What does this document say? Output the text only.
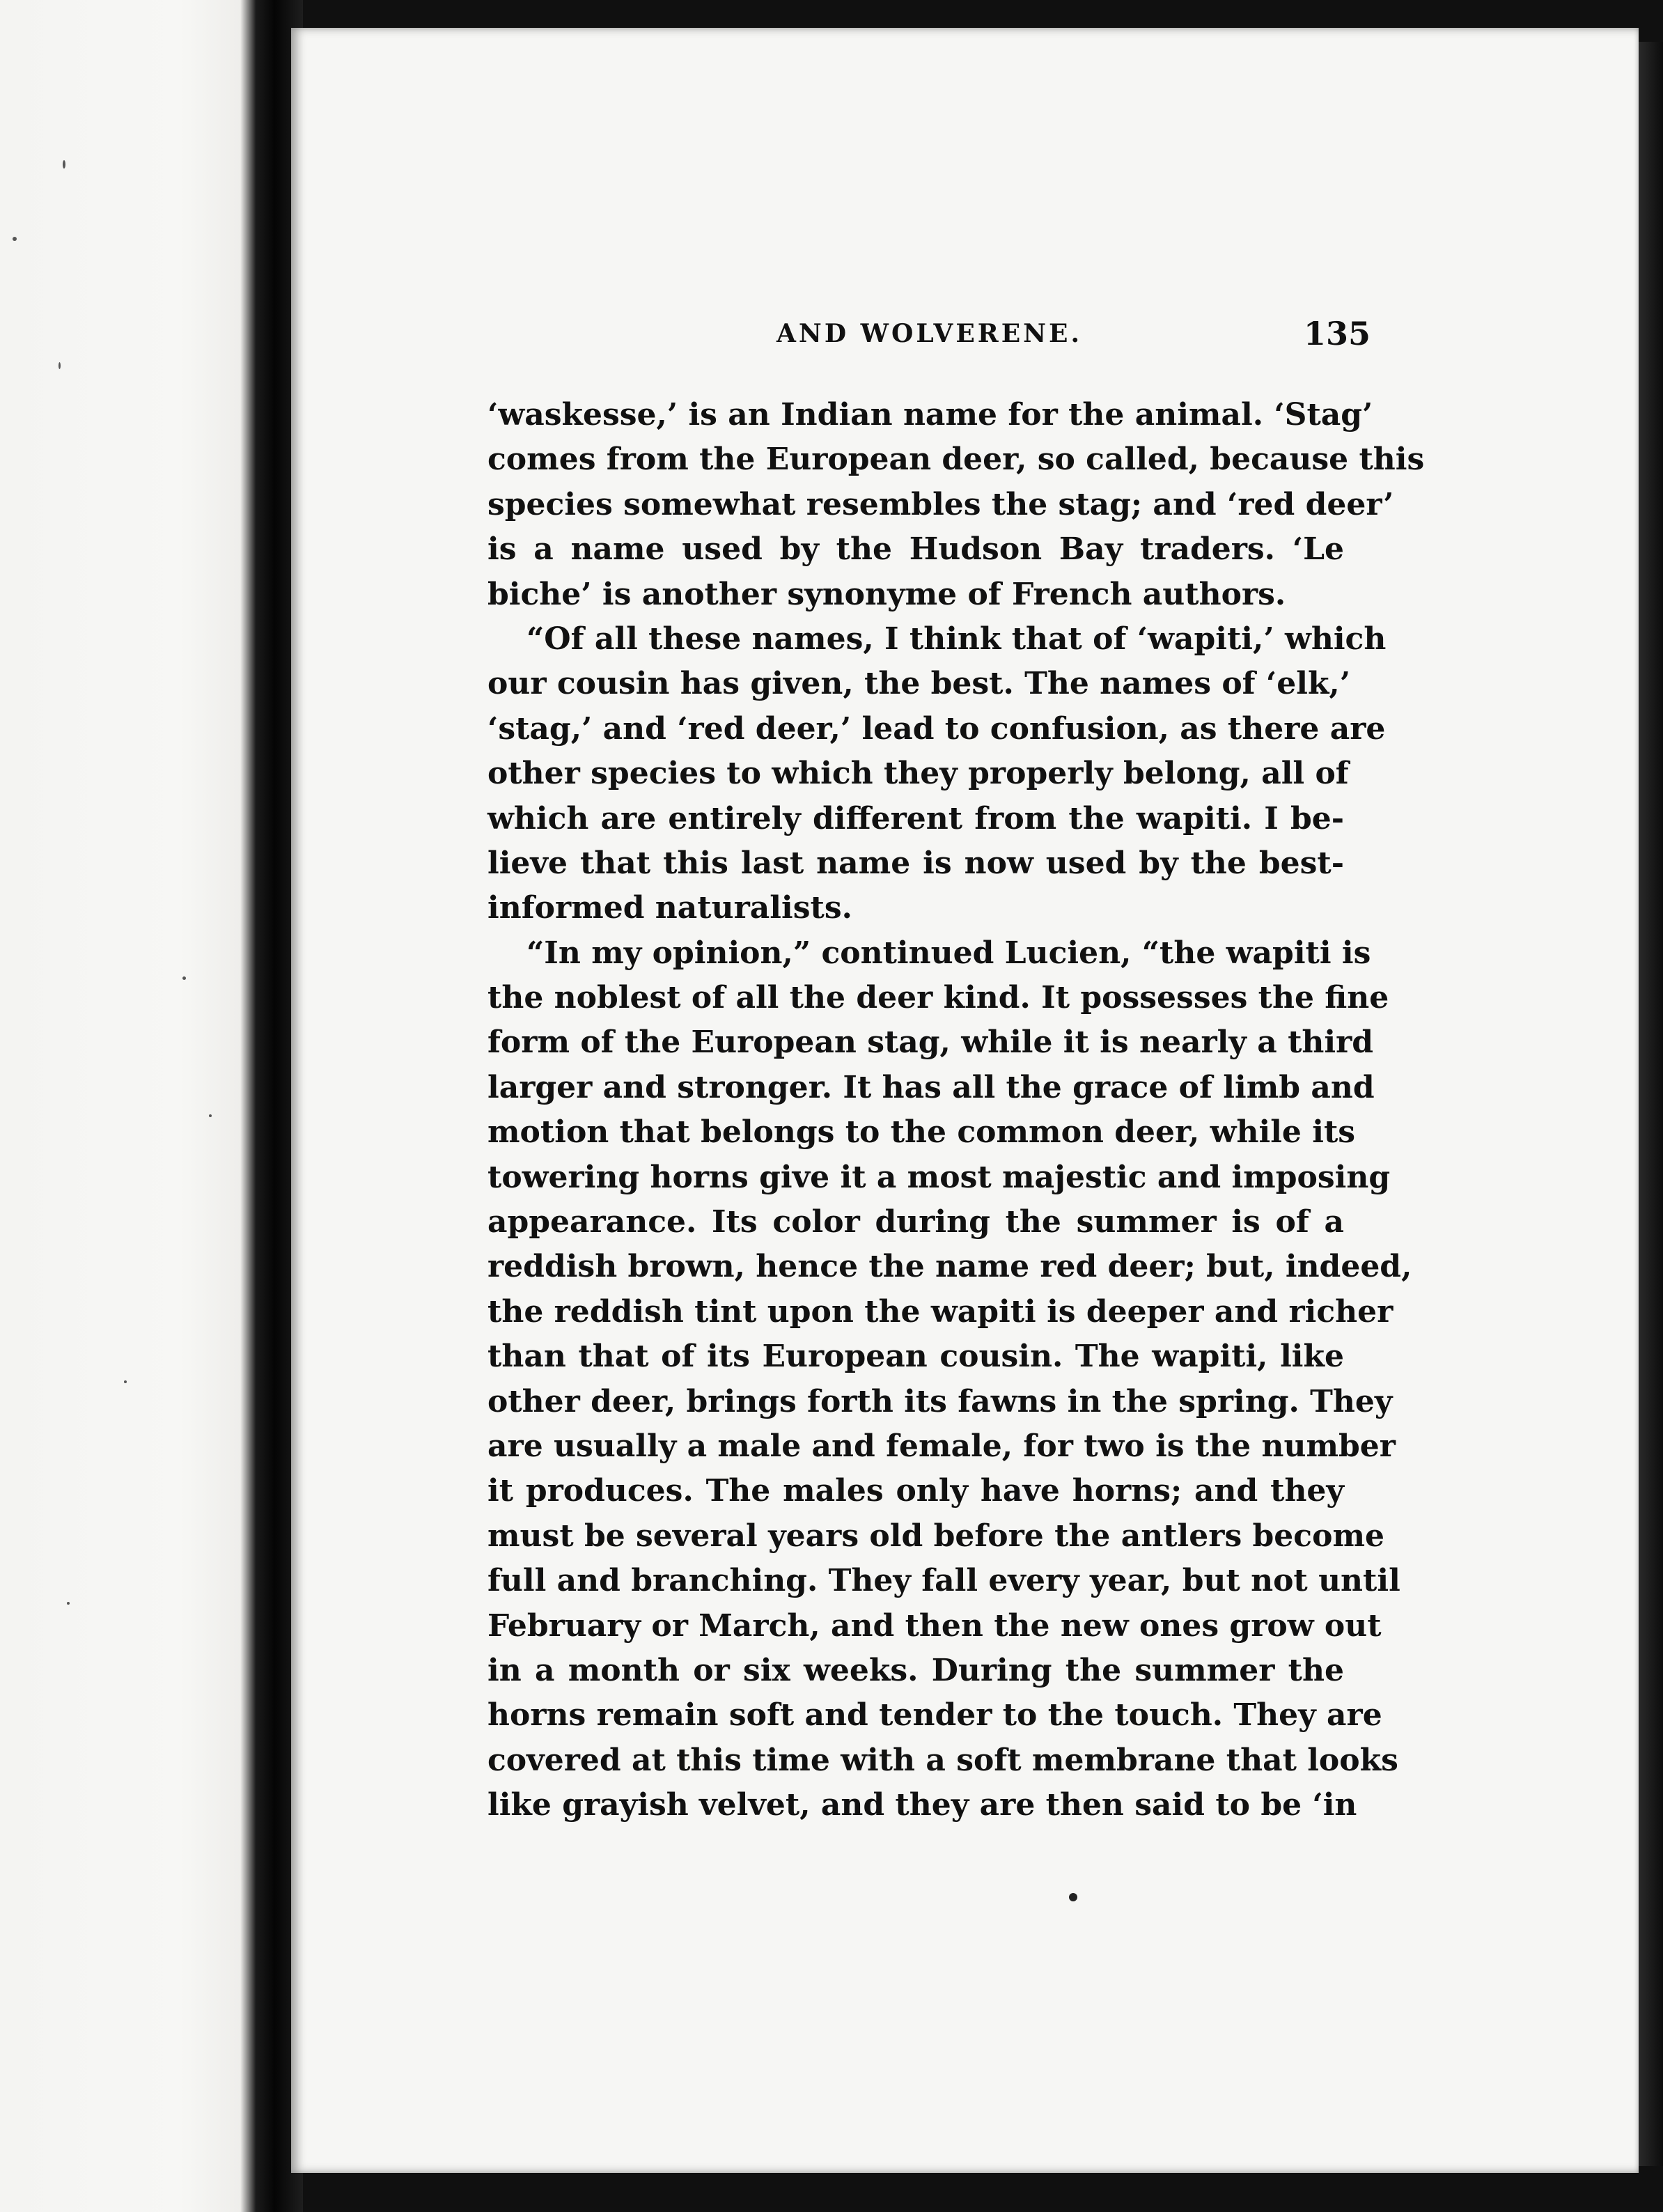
AND WOLVERENE.	135
‘waskesse,’ is an Indian name for the animal. ‘Stag’
comes from the European deer, so called, because this
species somewhat resembles the stag; and ‘red deer’
is a name used by the Hudson Bay traders. ‘Le
biche’ is another synonyme of French authors.
“Of all these names, I think that of ‘wapiti,’ which
our cousin has given, the best. The names of ‘elk,’
‘stag,’ and ‘red deer,’ lead to confusion, as there are
other species to which they properly belong, all of
which are entirely different from the wapiti. I be-
lieve that this last name is now used by the best-
informed naturalists.
“In my opinion,” continued Lucien, “the wapiti is
the noblest of all the deer kind. It possesses the fine
form of the European stag, while it is nearly a third
larger and stronger. It has all the grace of limb and
motion that belongs to the common deer, while its
towering horns give it a most majestic and imposing
appearance. Its color during the summer is of a
reddish brown, hence the name red deer; but, indeed,
the reddish tint upon the wapiti is deeper and richer
than that of its European cousin. The wapiti, like
other deer, brings forth its fawns in the spring. They
are usually a male and female, for two is the number
it produces. The males only have horns; and they
must be several years old before the antlers become
full and branching. They fall every year, but not until
February or March, and then the new ones grow out
in a month or six weeks. During the summer the
horns remain soft and tender to the touch. They are
covered at this time with a soft membrane that looks
like grayish velvet, and they are then said to be ‘in
